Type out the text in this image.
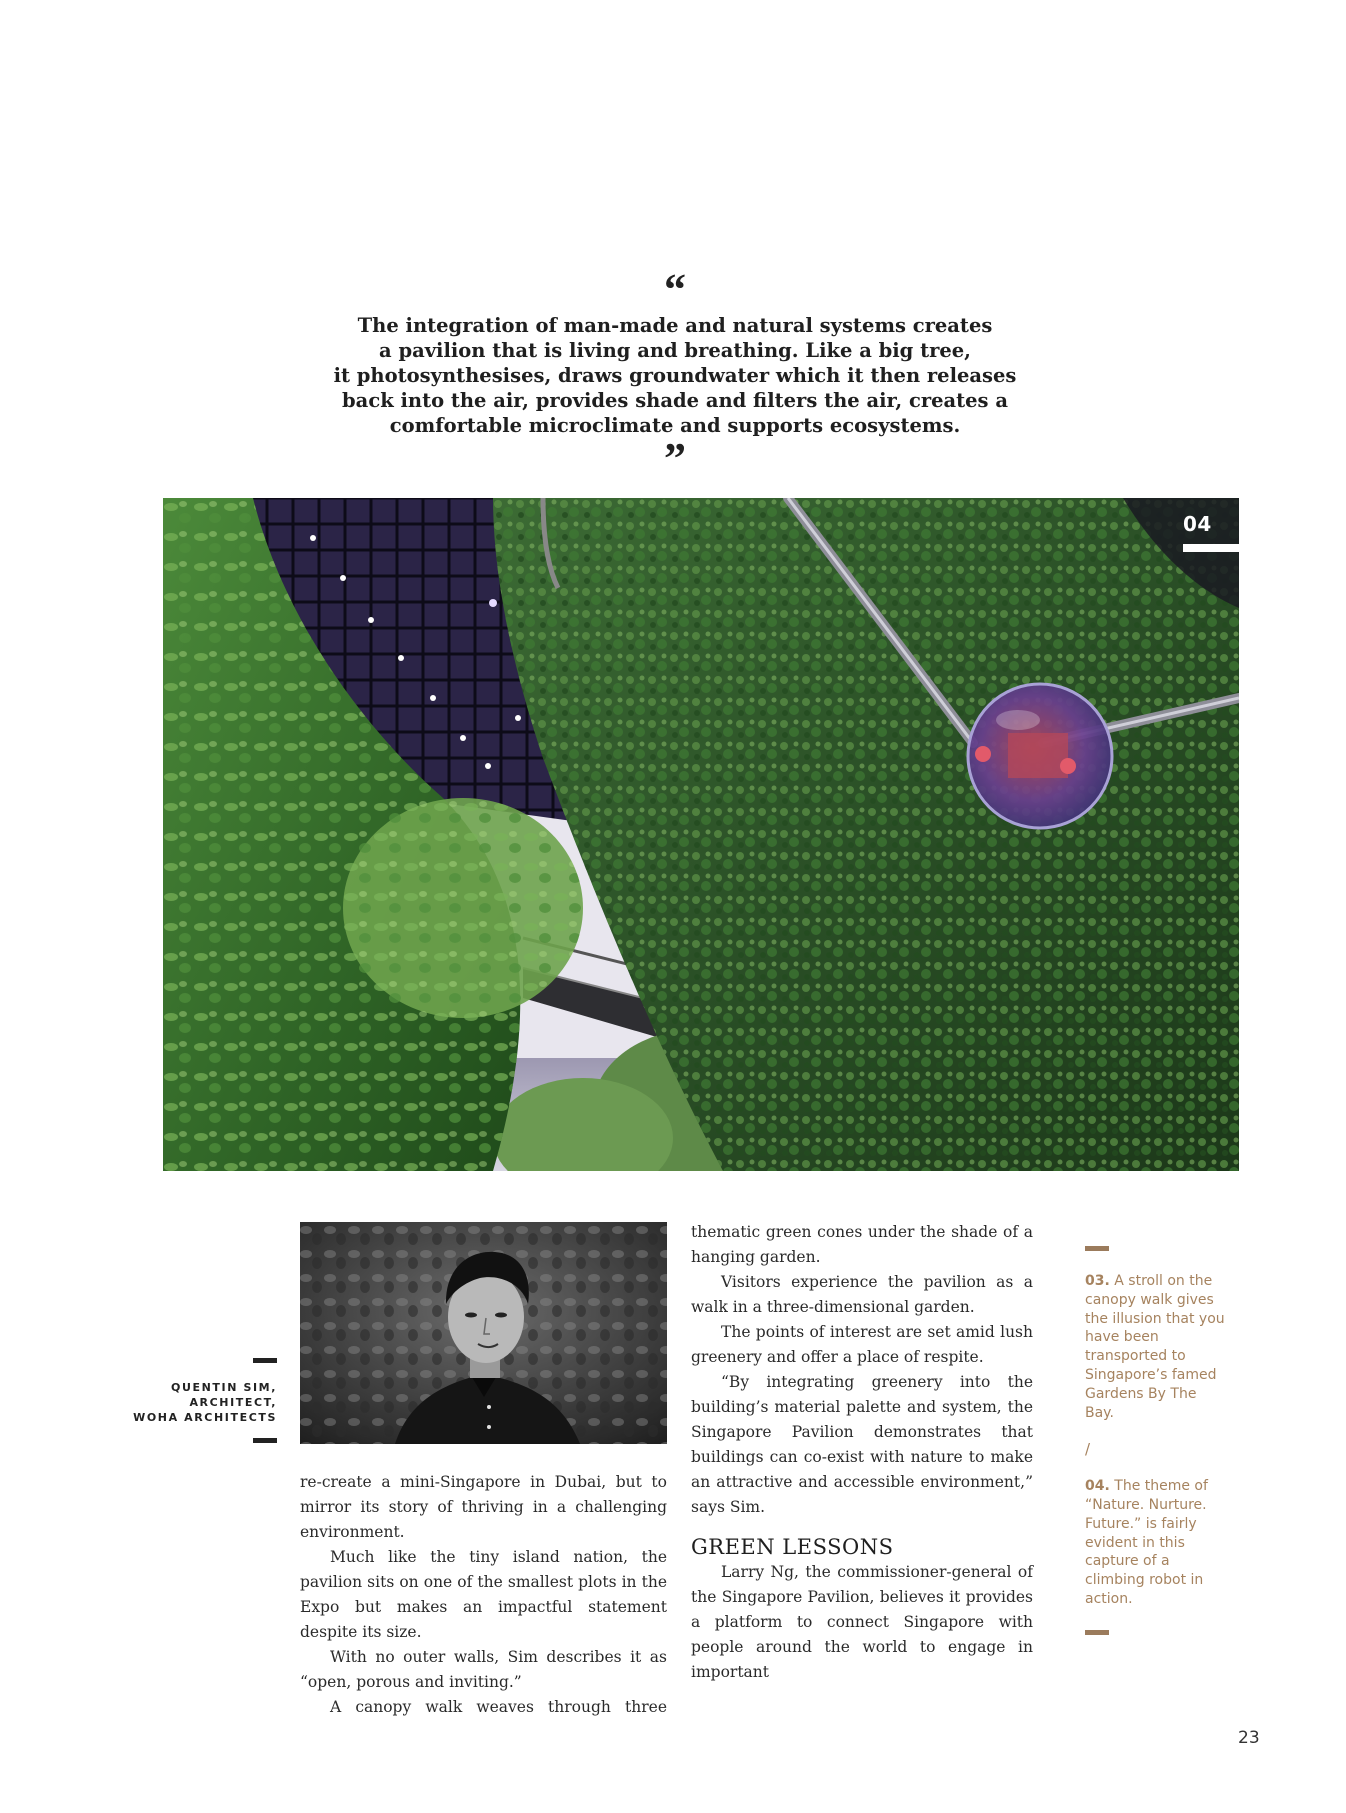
“
The integration of man-made and natural systems creates
a pavilion that is living and breathing. Like a big tree,
it photosynthesises, draws groundwater which it then releases
back into the air, provides shade and filters the air, creates a
comfortable microclimate and supports ecosystems.
”
04
QUENTIN SIM,
ARCHITECT,
WOHA ARCHITECTS

re-create a mini-Singapore in Dubai, but to mirror its story of thriving in a challenging environment.

Much like the tiny island nation, the pavilion sits on one of the smallest plots in the Expo but makes an impactful statement despite its size.

With no outer walls, Sim describes it as “open, porous and inviting.”

A canopy walk weaves through three

thematic green cones under the shade of a hanging garden.

Visitors experience the pavilion as a walk in a three-dimensional garden.

The points of interest are set amid lush greenery and offer a place of respite.

“By integrating greenery into the building’s material palette and system, the Singapore Pavilion demonstrates that buildings can co-exist with nature to make an attractive and accessible environment,” says Sim.

GREEN LESSONS

Larry Ng, the commissioner-general of the Singapore Pavilion, believes it provides a platform to connect Singapore with people around the world to engage in important

03. A stroll on the canopy walk gives the illusion that you have been transported to Singapore’s famed Gardens By The Bay.

/

04. The theme of “Nature. Nurture. Future.” is fairly evident in this capture of a climbing robot in action.

23
